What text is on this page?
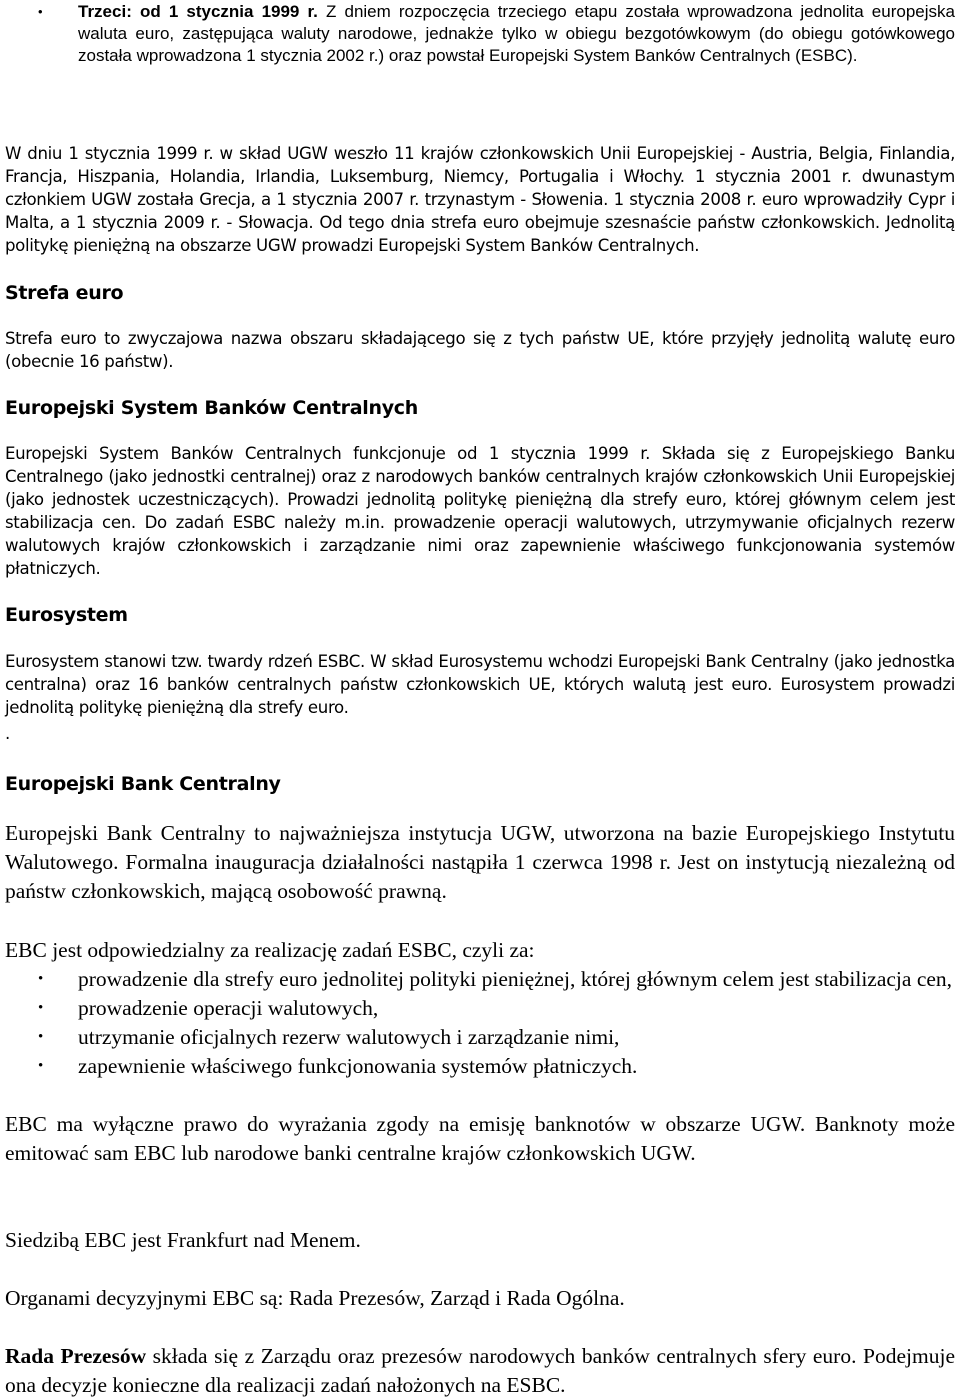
• Trzeci: od 1 stycznia 1999 r. Z dniem rozpoczęcia trzeciego etapu została wprowadzona jednolita europejska waluta euro, zastępująca waluty narodowe, jednakże tylko w obiegu bezgotówkowym (do obiegu gotówkowego została wprowadzona 1 stycznia 2002 r.) oraz powstał Europejski System Banków Centralnych (ESBC).

W dniu 1 stycznia 1999 r. w skład UGW weszło 11 krajów członkowskich Unii Europejskiej - Austria, Belgia, Finlandia, Francja, Hiszpania, Holandia, Irlandia, Luksemburg, Niemcy, Portugalia i Włochy. 1 stycznia 2001 r. dwunastym członkiem UGW została Grecja, a 1 stycznia 2007 r. trzynastym - Słowenia. 1 stycznia 2008 r. euro wprowadziły Cypr i Malta, a 1 stycznia 2009 r. - Słowacja. Od tego dnia strefa euro obejmuje szesnaście państw członkowskich. Jednolitą politykę pieniężną na obszarze UGW prowadzi Europejski System Banków Centralnych.

Strefa euro

Strefa euro to zwyczajowa nazwa obszaru składającego się z tych państw UE, które przyjęły jednolitą walutę euro (obecnie 16 państw).

Europejski System Banków Centralnych

Europejski System Banków Centralnych funkcjonuje od 1 stycznia 1999 r. Składa się z Europejskiego Banku Centralnego (jako jednostki centralnej) oraz z narodowych banków centralnych krajów członkowskich Unii Europejskiej (jako jednostek uczestniczących). Prowadzi jednolitą politykę pieniężną dla strefy euro, której głównym celem jest stabilizacja cen. Do zadań ESBC należy m.in. prowadzenie operacji walutowych, utrzymywanie oficjalnych rezerw walutowych krajów członkowskich i zarządzanie nimi oraz zapewnienie właściwego funkcjonowania systemów płatniczych.

Eurosystem

Eurosystem stanowi tzw. twardy rdzeń ESBC. W skład Eurosystemu wchodzi Europejski Bank Centralny (jako jednostka centralna) oraz 16 banków centralnych państw członkowskich UE, których walutą jest euro. Eurosystem prowadzi jednolitą politykę pieniężną dla strefy euro.

.

Europejski Bank Centralny

Europejski Bank Centralny to najważniejsza instytucja UGW, utworzona na bazie Europejskiego Instytutu Walutowego. Formalna inauguracja działalności nastąpiła 1 czerwca 1998 r. Jest on instytucją niezależną od państw członkowskich, mającą osobowość prawną.

EBC jest odpowiedzialny za realizację zadań ESBC, czyli za:

• prowadzenie dla strefy euro jednolitej polityki pieniężnej, której głównym celem jest stabilizacja cen,
• prowadzenie operacji walutowych,
• utrzymanie oficjalnych rezerw walutowych i zarządzanie nimi,
• zapewnienie właściwego funkcjonowania systemów płatniczych.

EBC ma wyłączne prawo do wyrażania zgody na emisję banknotów w obszarze UGW. Banknoty może emitować sam EBC lub narodowe banki centralne krajów członkowskich UGW.

Siedzibą EBC jest Frankfurt nad Menem.

Organami decyzyjnymi EBC są: Rada Prezesów, Zarząd i Rada Ogólna.

Rada Prezesów składa się z Zarządu oraz prezesów narodowych banków centralnych sfery euro. Podejmuje ona decyzje konieczne dla realizacji zadań nałożonych na ESBC.
